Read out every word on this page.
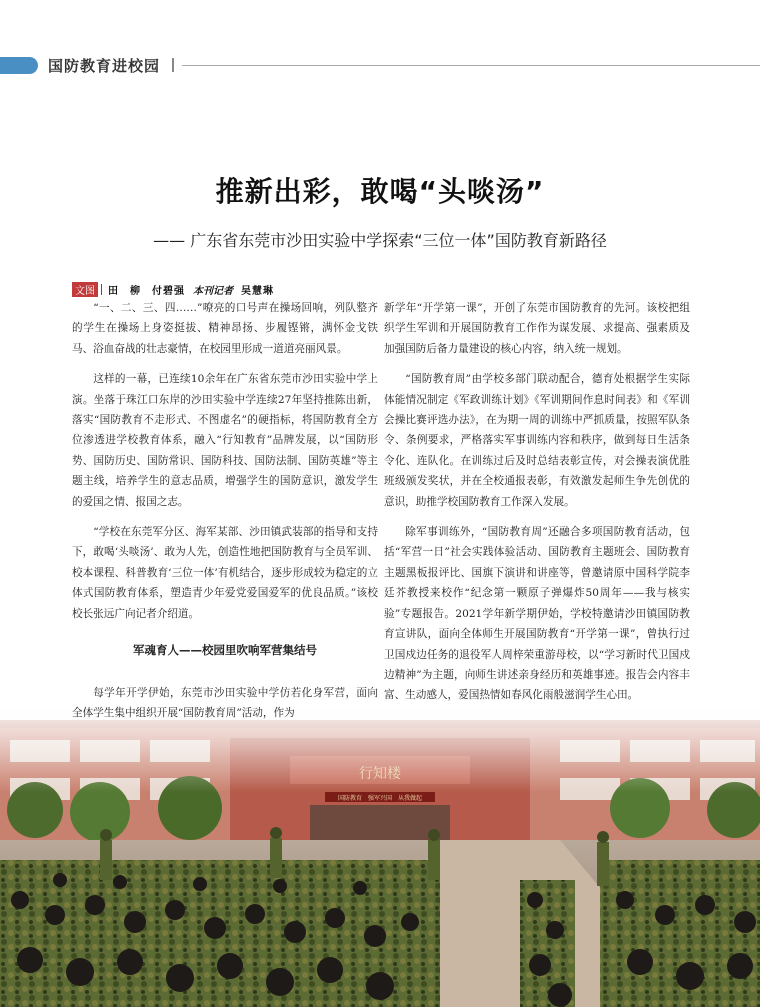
国防教育进校园
推新出彩，敢喝“头啖汤”
—— 广东省东莞市沙田实验中学探索“三位一体”国防教育新路径
文图	田　柳　付碧强 本刊记者 吴慧琳

“一、二、三、四……”嘹亮的口号声在操场回响，列队整齐的学生在操场上身姿挺拔、精神昂扬、步履铿锵，满怀金戈铁马、浴血奋战的壮志豪情，在校园里形成一道道亮丽风景。

这样的一幕，已连续10余年在广东省东莞市沙田实验中学上演。坐落于珠江口东岸的沙田实验中学连续27年坚持推陈出新，落实“国防教育不走形式、不图虚名”的硬指标，将国防教育全方位渗透进学校教育体系，融入“行知教育”品牌发展，以“国防形势、国防历史、国防常识、国防科技、国防法制、国防英雄”等主题主线，培养学生的意志品质，增强学生的国防意识，激发学生的爱国之情、报国之志。

“学校在东莞军分区、海军某部、沙田镇武装部的指导和支持下，敢喝‘头啖汤’、敢为人先，创造性地把国防教育与全员军训、校本课程、科普教育‘三位一体’有机结合，逐步形成较为稳定的立体式国防教育体系，塑造青少年爱党爱国爱军的优良品质。”该校校长张远广向记者介绍道。

军魂育人——校园里吹响军营集结号

每学年开学伊始，东莞市沙田实验中学仿若化身军营，面向全体学生集中组织开展“国防教育周”活动，作为

新学年“开学第一课”，开创了东莞市国防教育的先河。该校把组织学生军训和开展国防教育工作作为谋发展、求提高、强素质及加强国防后备力量建设的核心内容，纳入统一规划。

“国防教育周”由学校多部门联动配合，德育处根据学生实际体能情况制定《军政训练计划》《军训期间作息时间表》和《军训会操比赛评选办法》，在为期一周的训练中严抓质量，按照军队条令、条例要求，严格落实军事训练内容和秩序，做到每日生活条令化、连队化。在训练过后及时总结表彰宣传，对会操表演优胜班级颁发奖状，并在全校通报表彰，有效激发起师生争先创优的意识，助推学校国防教育工作深入发展。

除军事训练外，“国防教育周”还融合多项国防教育活动，包括“军营一日”社会实践体验活动、国防教育主题班会、国防教育主题黑板报评比、国旗下演讲和讲座等，曾邀请原中国科学院李廷芥教授来校作“纪念第一颗原子弹爆炸50周年——我与核实验”专题报告。2021学年新学期伊始，学校特邀请沙田镇国防教育宣讲队，面向全体师生开展国防教育“开学第一课”，曾执行过卫国戍边任务的退役军人周梓荣重游母校，以“学习新时代卫国戍边精神”为主题，向师生讲述亲身经历和英雄事迹。报告会内容丰富、生动感人，爱国热情如春风化雨般滋润学生心田。
